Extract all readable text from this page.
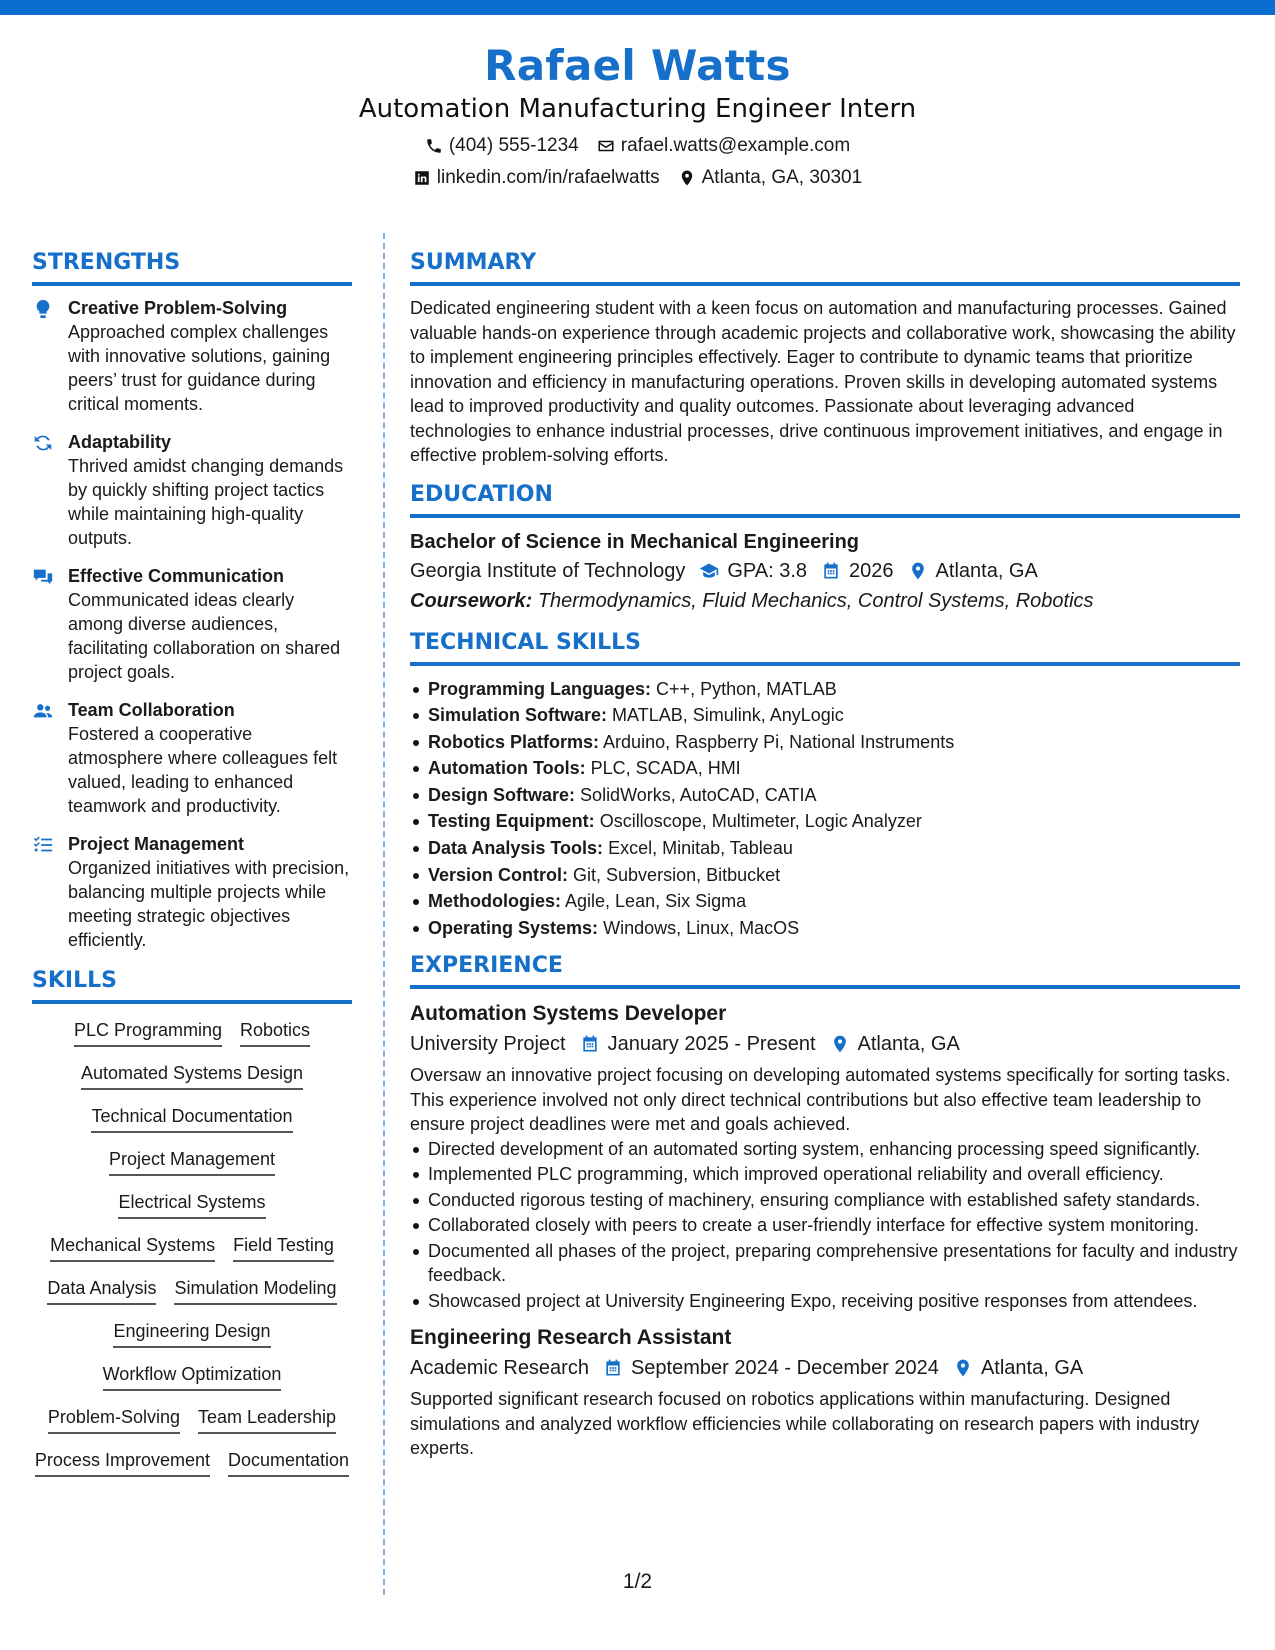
Rafael Watts
Automation Manufacturing Engineer Intern
(404) 555-1234 rafael.watts@example.com
linkedin.com/in/rafaelwatts Atlanta, GA, 30301
STRENGTHS
Creative Problem-Solving
Approached complex challenges with innovative solutions, gaining peers’ trust for guidance during critical moments.
Adaptability
Thrived amidst changing demands by quickly shifting project tactics while maintaining high-quality outputs.
Effective Communication
Communicated ideas clearly among diverse audiences, facilitating collaboration on shared project goals.
Team Collaboration
Fostered a cooperative atmosphere where colleagues felt valued, leading to enhanced teamwork and productivity.
Project Management
Organized initiatives with precision, balancing multiple projects while meeting strategic objectives efficiently.
SKILLS
PLC Programming Robotics
Automated Systems Design
Technical Documentation
Project Management
Electrical Systems
Mechanical Systems Field Testing
Data Analysis Simulation Modeling
Engineering Design
Workflow Optimization
Problem-Solving Team Leadership
Process Improvement Documentation
SUMMARY
Dedicated engineering student with a keen focus on automation and manufacturing processes. Gained valuable hands-on experience through academic projects and collaborative work, showcasing the ability to implement engineering principles effectively. Eager to contribute to dynamic teams that prioritize innovation and efficiency in manufacturing operations. Proven skills in developing automated systems lead to improved productivity and quality outcomes. Passionate about leveraging advanced technologies to enhance industrial processes, drive continuous improvement initiatives, and engage in effective problem-solving efforts.
EDUCATION
Bachelor of Science in Mechanical Engineering
Georgia Institute of Technology GPA: 3.8 2026 Atlanta, GA
Coursework: Thermodynamics, Fluid Mechanics, Control Systems, Robotics
TECHNICAL SKILLS
Programming Languages: C++, Python, MATLAB
Simulation Software: MATLAB, Simulink, AnyLogic
Robotics Platforms: Arduino, Raspberry Pi, National Instruments
Automation Tools: PLC, SCADA, HMI
Design Software: SolidWorks, AutoCAD, CATIA
Testing Equipment: Oscilloscope, Multimeter, Logic Analyzer
Data Analysis Tools: Excel, Minitab, Tableau
Version Control: Git, Subversion, Bitbucket
Methodologies: Agile, Lean, Six Sigma
Operating Systems: Windows, Linux, MacOS
EXPERIENCE
Automation Systems Developer
University Project January 2025 - Present Atlanta, GA
Oversaw an innovative project focusing on developing automated systems specifically for sorting tasks. This experience involved not only direct technical contributions but also effective team leadership to ensure project deadlines were met and goals achieved.
Directed development of an automated sorting system, enhancing processing speed significantly.
Implemented PLC programming, which improved operational reliability and overall efficiency.
Conducted rigorous testing of machinery, ensuring compliance with established safety standards.
Collaborated closely with peers to create a user-friendly interface for effective system monitoring.
Documented all phases of the project, preparing comprehensive presentations for faculty and industry feedback.
Showcased project at University Engineering Expo, receiving positive responses from attendees.
Engineering Research Assistant
Academic Research September 2024 - December 2024 Atlanta, GA
Supported significant research focused on robotics applications within manufacturing. Designed simulations and analyzed workflow efficiencies while collaborating on research papers with industry experts.
1/2
